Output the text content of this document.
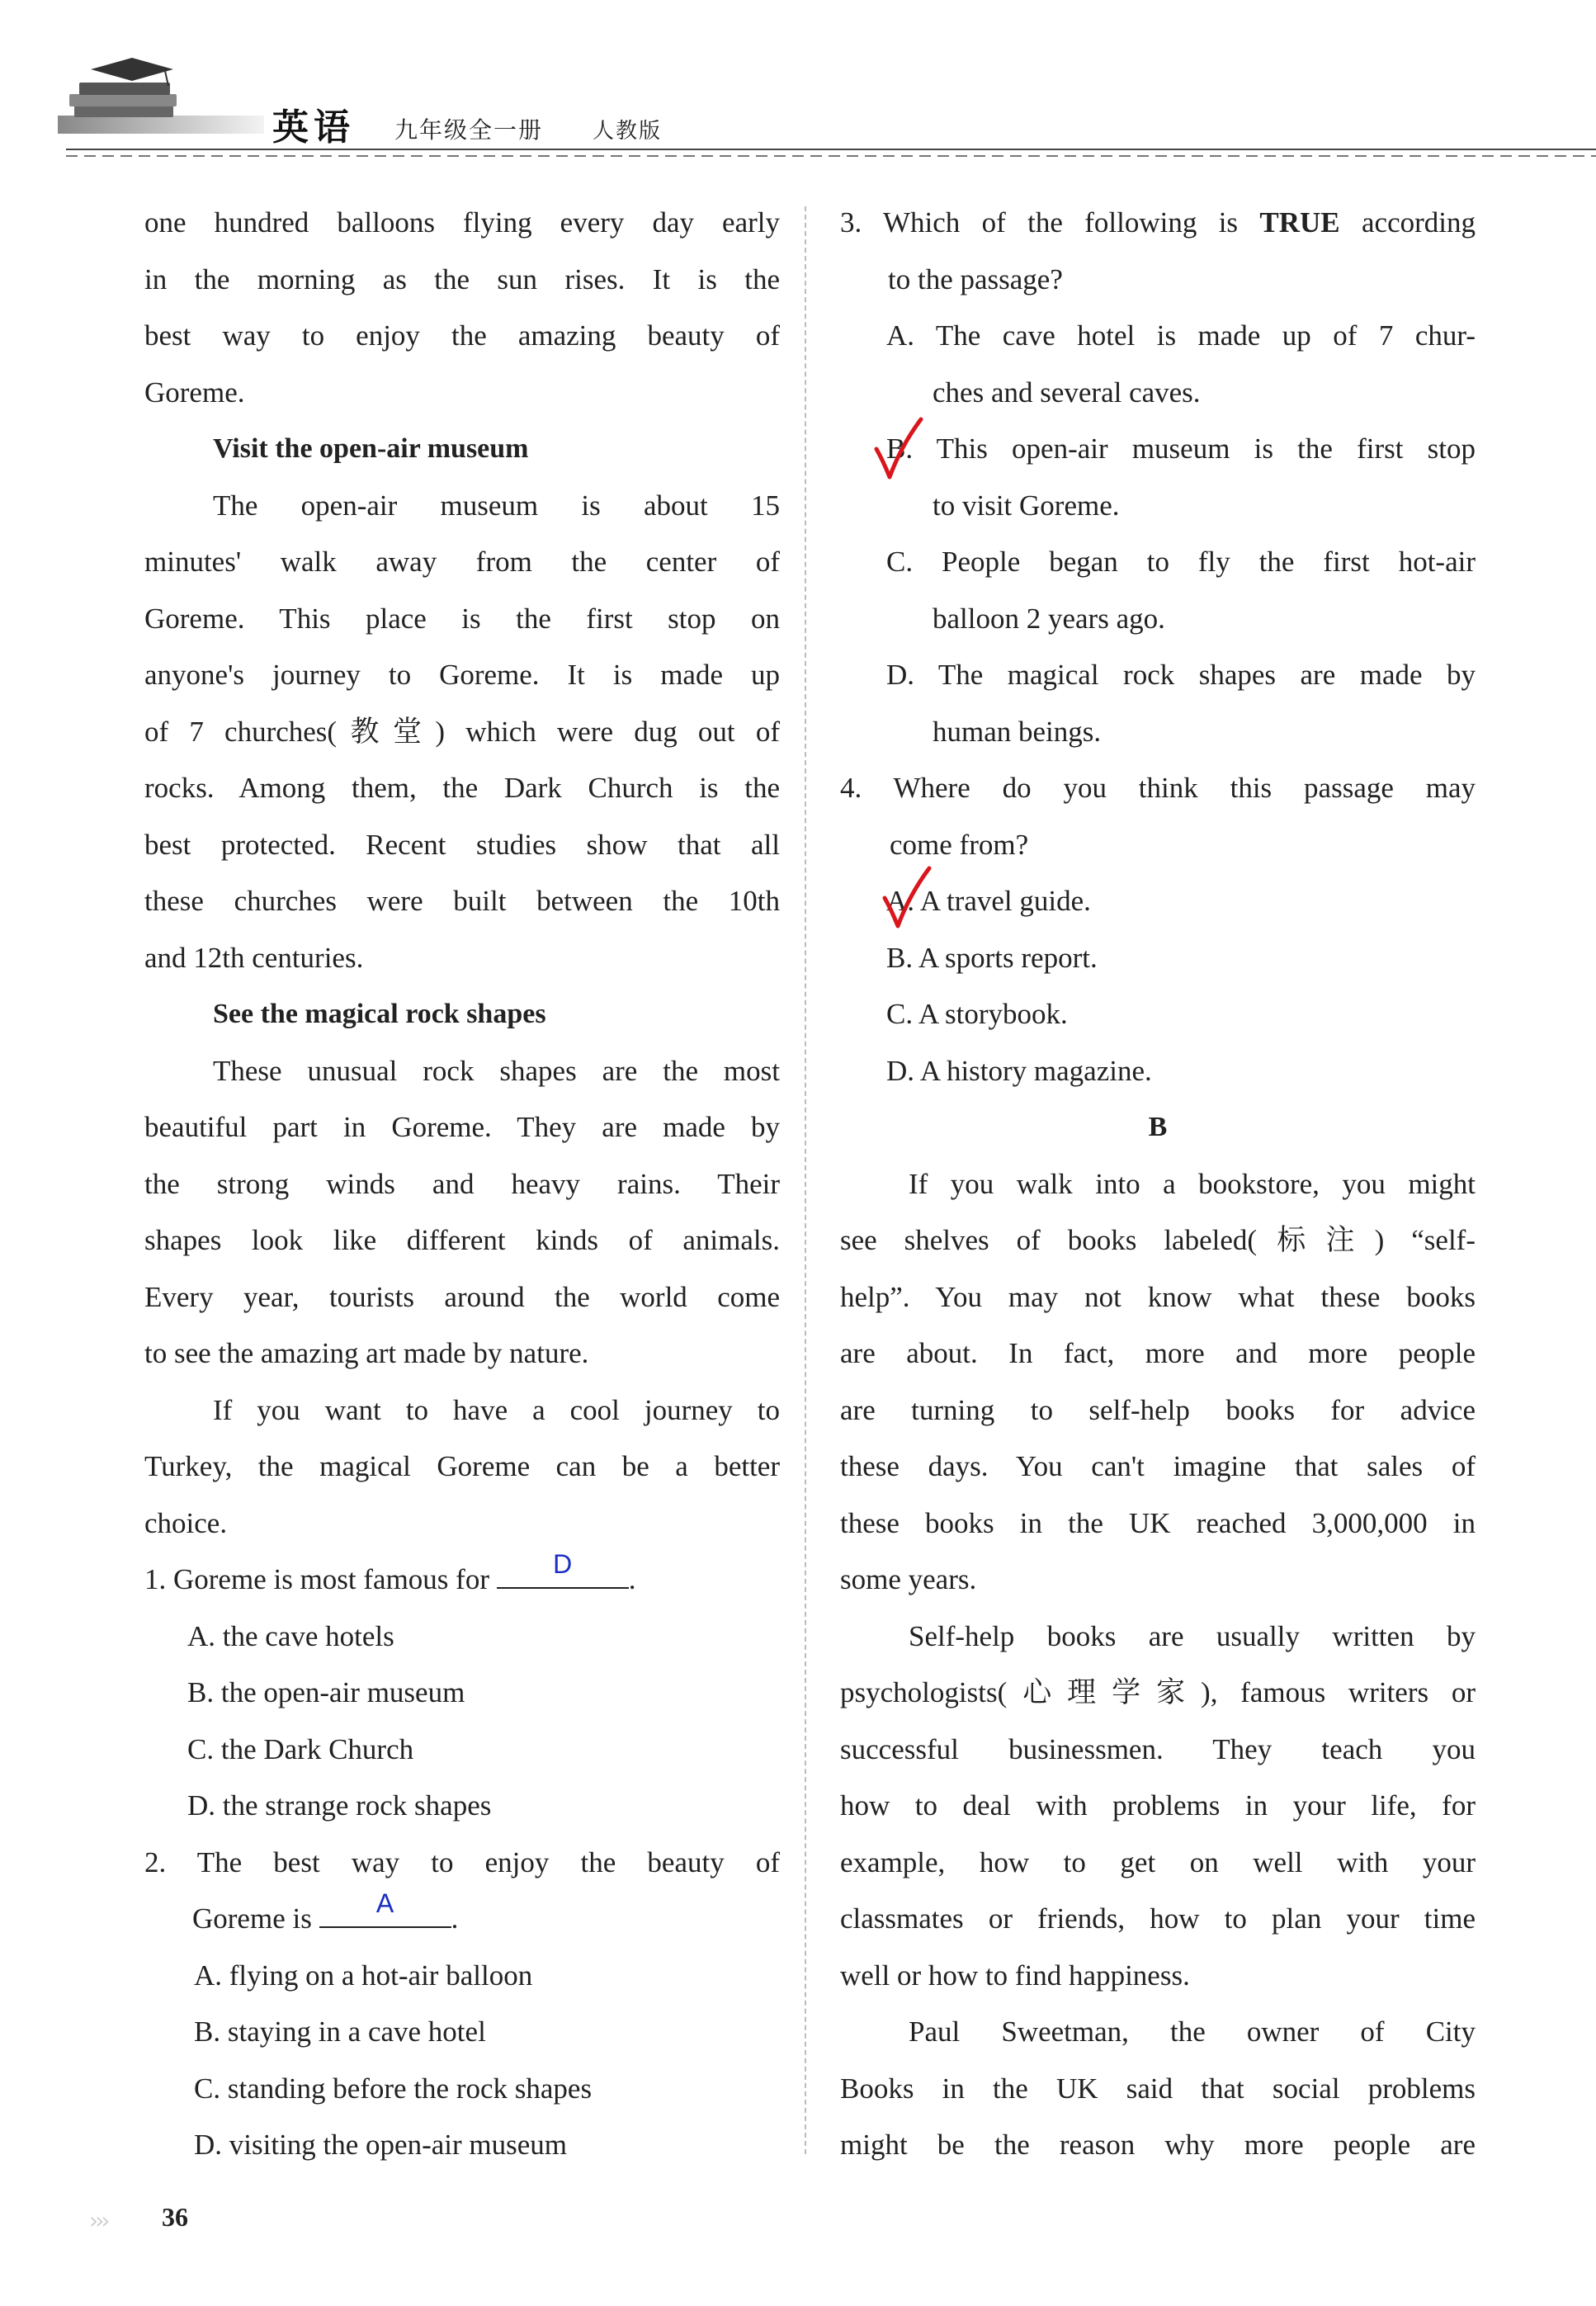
英语 九年级全一册 人教版
one hundred balloons flying every day early
in the morning as the sun rises. It is the
best way to enjoy the amazing beauty of
Goreme.
Visit the open-air museum
The open-air museum is about 15
minutes' walk away from the center of
Goreme. This place is the first stop on
anyone's journey to Goreme. It is made up
of 7 churches(教堂) which were dug out of
rocks. Among them, the Dark Church is the
best protected. Recent studies show that all
these churches were built between the 10th
and 12th centuries.
See the magical rock shapes
These unusual rock shapes are the most
beautiful part in Goreme. They are made by
the strong winds and heavy rains. Their
shapes look like different kinds of animals.
Every year, tourists around the world come
to see the amazing art made by nature.
If you want to have a cool journey to
Turkey, the magical Goreme can be a better
choice.
1. Goreme is most famous for	D	.
A. the cave hotels
B. the open-air museum
C. the Dark Church
D. the strange rock shapes
2. The best way to enjoy the beauty of
Goreme is	A	.
A. flying on a hot-air balloon
B. staying in a cave hotel
C. standing before the rock shapes
D. visiting the open-air museum
3. Which of the following is TRUE according
to the passage?
A. The cave hotel is made up of 7 chur-
ches and several caves.
B. This open-air museum is the first stop
to visit Goreme.
C. People began to fly the first hot-air
balloon 2 years ago.
D. The magical rock shapes are made by
human beings.
4. Where do you think this passage may
come from?
A. A travel guide.
B. A sports report.
C. A storybook.
D. A history magazine.
B
If you walk into a bookstore, you might
see shelves of books labeled(标注) “self-
help”. You may not know what these books
are about. In fact, more and more people
are turning to self-help books for advice
these days. You can't imagine that sales of
these books in the UK reached 3,000,000 in
some years.
Self-help books are usually written by
psychologists(心理学家), famous writers or
successful businessmen. They teach you
how to deal with problems in your life, for
example, how to get on well with your
classmates or friends, how to plan your time
well or how to find happiness.
Paul Sweetman, the owner of City
Books in the UK said that social problems
might be the reason why more people are
››› 36
